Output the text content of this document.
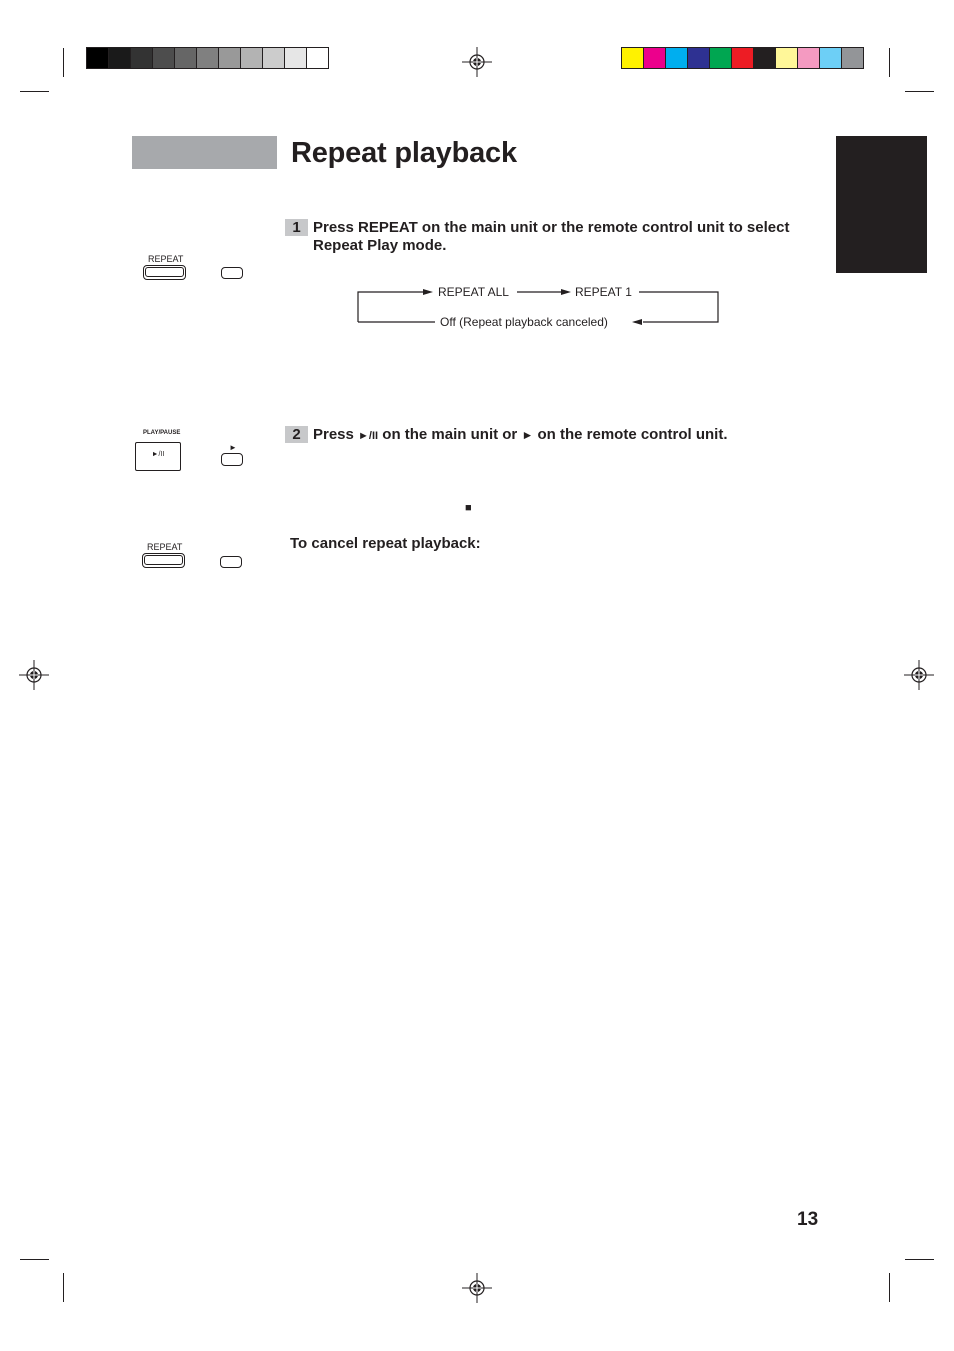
Repeat playback
REPEAT
1 Press REPEAT on the main unit or the remote control unit to select Repeat Play mode.
REPEAT ALL	REPEAT 1
Off (Repeat playback canceled)
PLAY/PAUSE
►/II
►
2 Press ►/II on the main unit or ► on the remote control unit.
■
REPEAT	To cancel repeat playback:
13
